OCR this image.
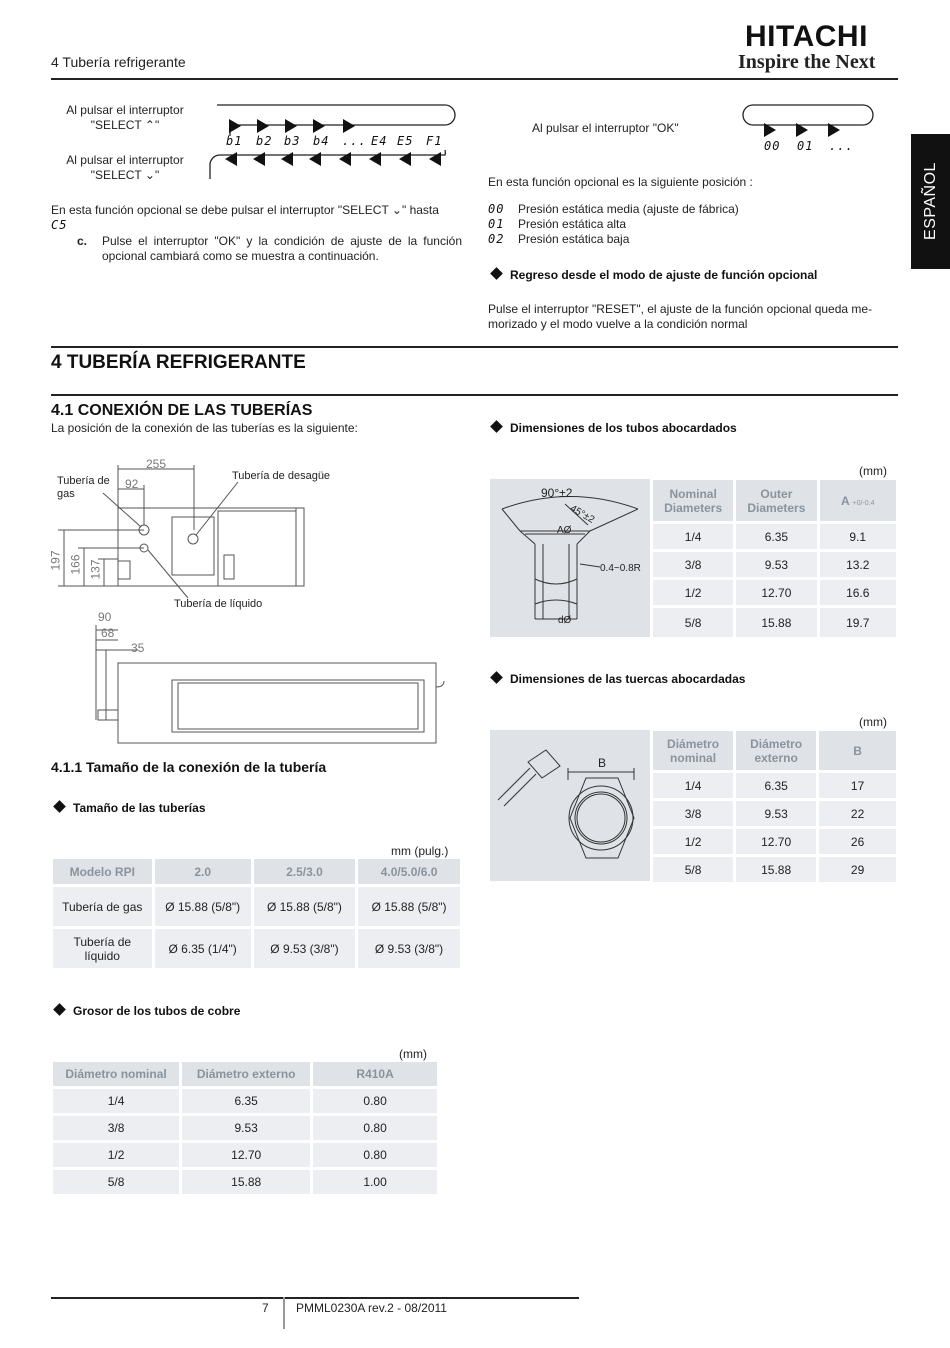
4 Tubería refrigerante
HITACHI
Inspire the Next
ESPAÑOL
Al pulsar el interruptor
"SELECT ⌃"
Al pulsar el interruptor
"SELECT ⌄"
b1 b2 b3 b4 ... E4 E5 F1
En esta función opcional se debe pulsar el interruptor "SELECT ⌄" hasta
C5
c. Pulse el interruptor "OK" y la condición de ajuste de la función opcional cambiará como se muestra a continuación.
Al pulsar el interruptor "OK"
00 01 ...
En esta función opcional es la siguiente posición :
00 Presión estática media (ajuste de fábrica)
01 Presión estática alta
02 Presión estática baja
Regreso desde el modo de ajuste de función opcional
Pulse el interruptor "RESET", el ajuste de la función opcional queda me-
morizado y el modo vuelve a la condición normal
4 TUBERÍA REFRIGERANTE
4.1 CONEXIÓN DE LAS TUBERÍAS
La posición de la conexión de las tuberías es la siguiente:
255
92
Tubería de
gas
Tubería de desagüe
Tubería de líquido
197 166 137
90
68
35
4.1.1 Tamaño de la conexión de la tubería
Tamaño de las tuberías
mm (pulg.)
Modelo RPI	2.0	2.5/3.0	4.0/5.0/6.0
Tubería de gas	Ø 15.88 (5/8")	Ø 15.88 (5/8")	Ø 15.88 (5/8")
Tubería de líquido	Ø 6.35 (1/4")	Ø 9.53 (3/8")	Ø 9.53 (3/8")
Grosor de los tubos de cobre
(mm)
Diámetro nominal	Diámetro externo	R410A
1/4	6.35	0.80
3/8	9.53	0.80
1/2	12.70	0.80
5/8	15.88	1.00
Dimensiones de los tubos abocardados
(mm)
90°±2
45°±2
AØ
0.4~0.8R
dØ
Nominal Diameters	Outer Diameters	A +0/-0.4
1/4	6.35	9.1
3/8	9.53	13.2
1/2	12.70	16.6
5/8	15.88	19.7
Dimensiones de las tuercas abocardadas
(mm)
B
Diámetro nominal	Diámetro externo	B
1/4	6.35	17
3/8	9.53	22
1/2	12.70	26
5/8	15.88	29
7 PMML0230A rev.2 - 08/2011
